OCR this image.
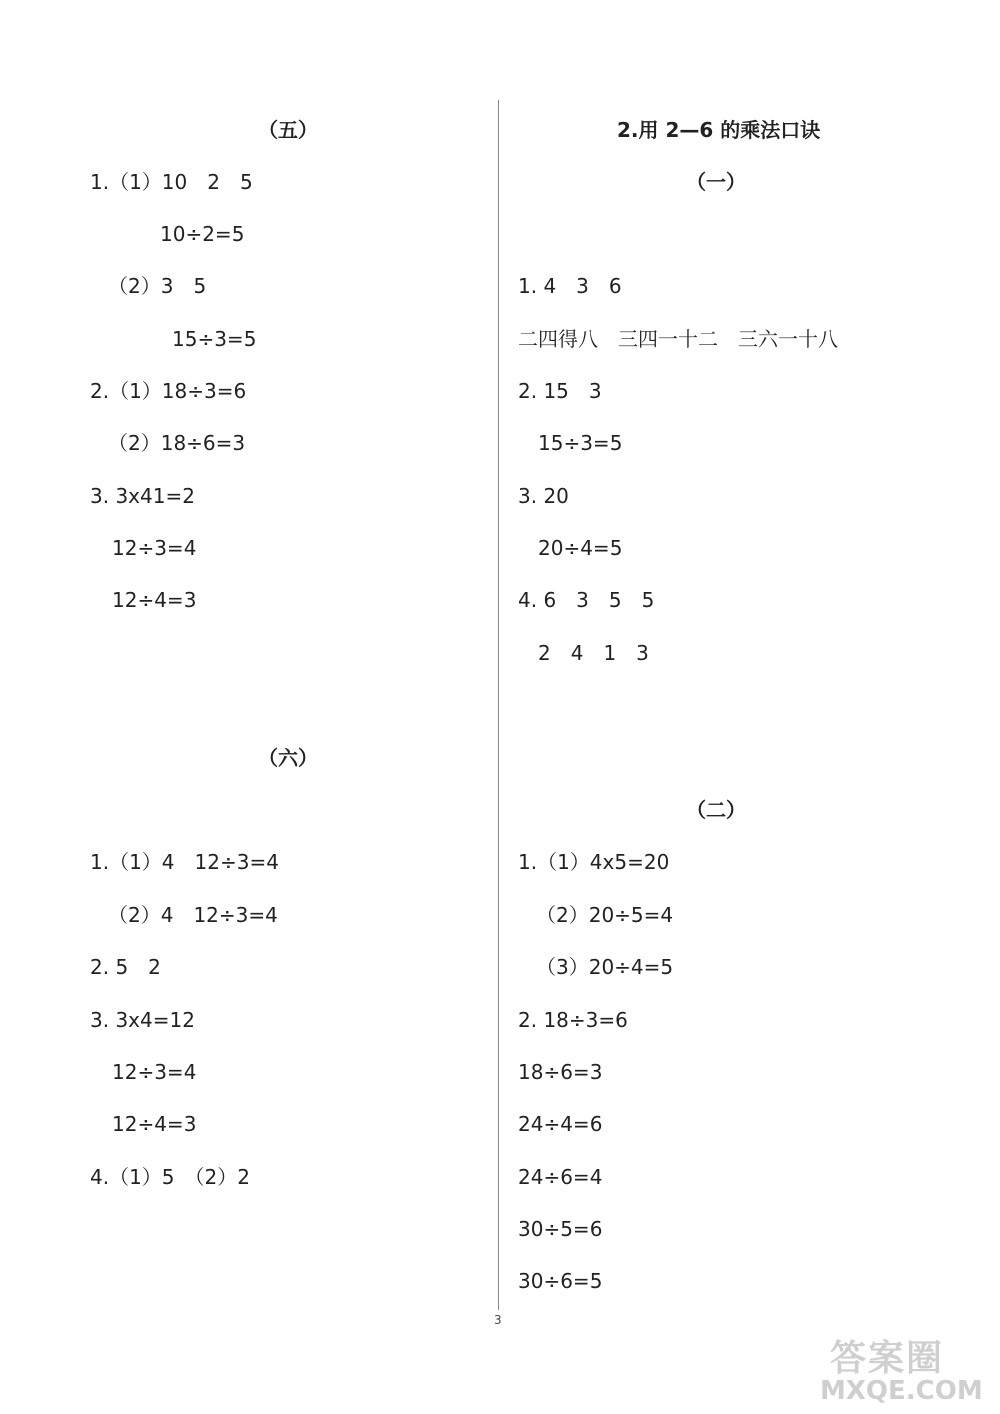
（五）
1.（1）10　2　5
10÷2=5
（2）3　5
15÷3=5
2.（1）18÷3=6
（2）18÷6=3
3. 3x41=2
12÷3=4
12÷4=3
（六）
1.（1）4　12÷3=4
（2）4　12÷3=4
2. 5　2
3. 3x4=12
12÷3=4
12÷4=3
4.（1）5　（2）2
2.用 2—6 的乘法口诀
（一）
1. 4　3　6
二四得八　三四一十二　三六一十八
2. 15　3
15÷3=5
3. 20
20÷4=5
4. 6　3　5　5
2　4　1　3
（二）
1.（1）4x5=20
（2）20÷5=4
（3）20÷4=5
2. 18÷3=6
18÷6=3
24÷4=6
24÷6=4
30÷5=6
30÷6=5
3
答案圈
MXQE.COM
